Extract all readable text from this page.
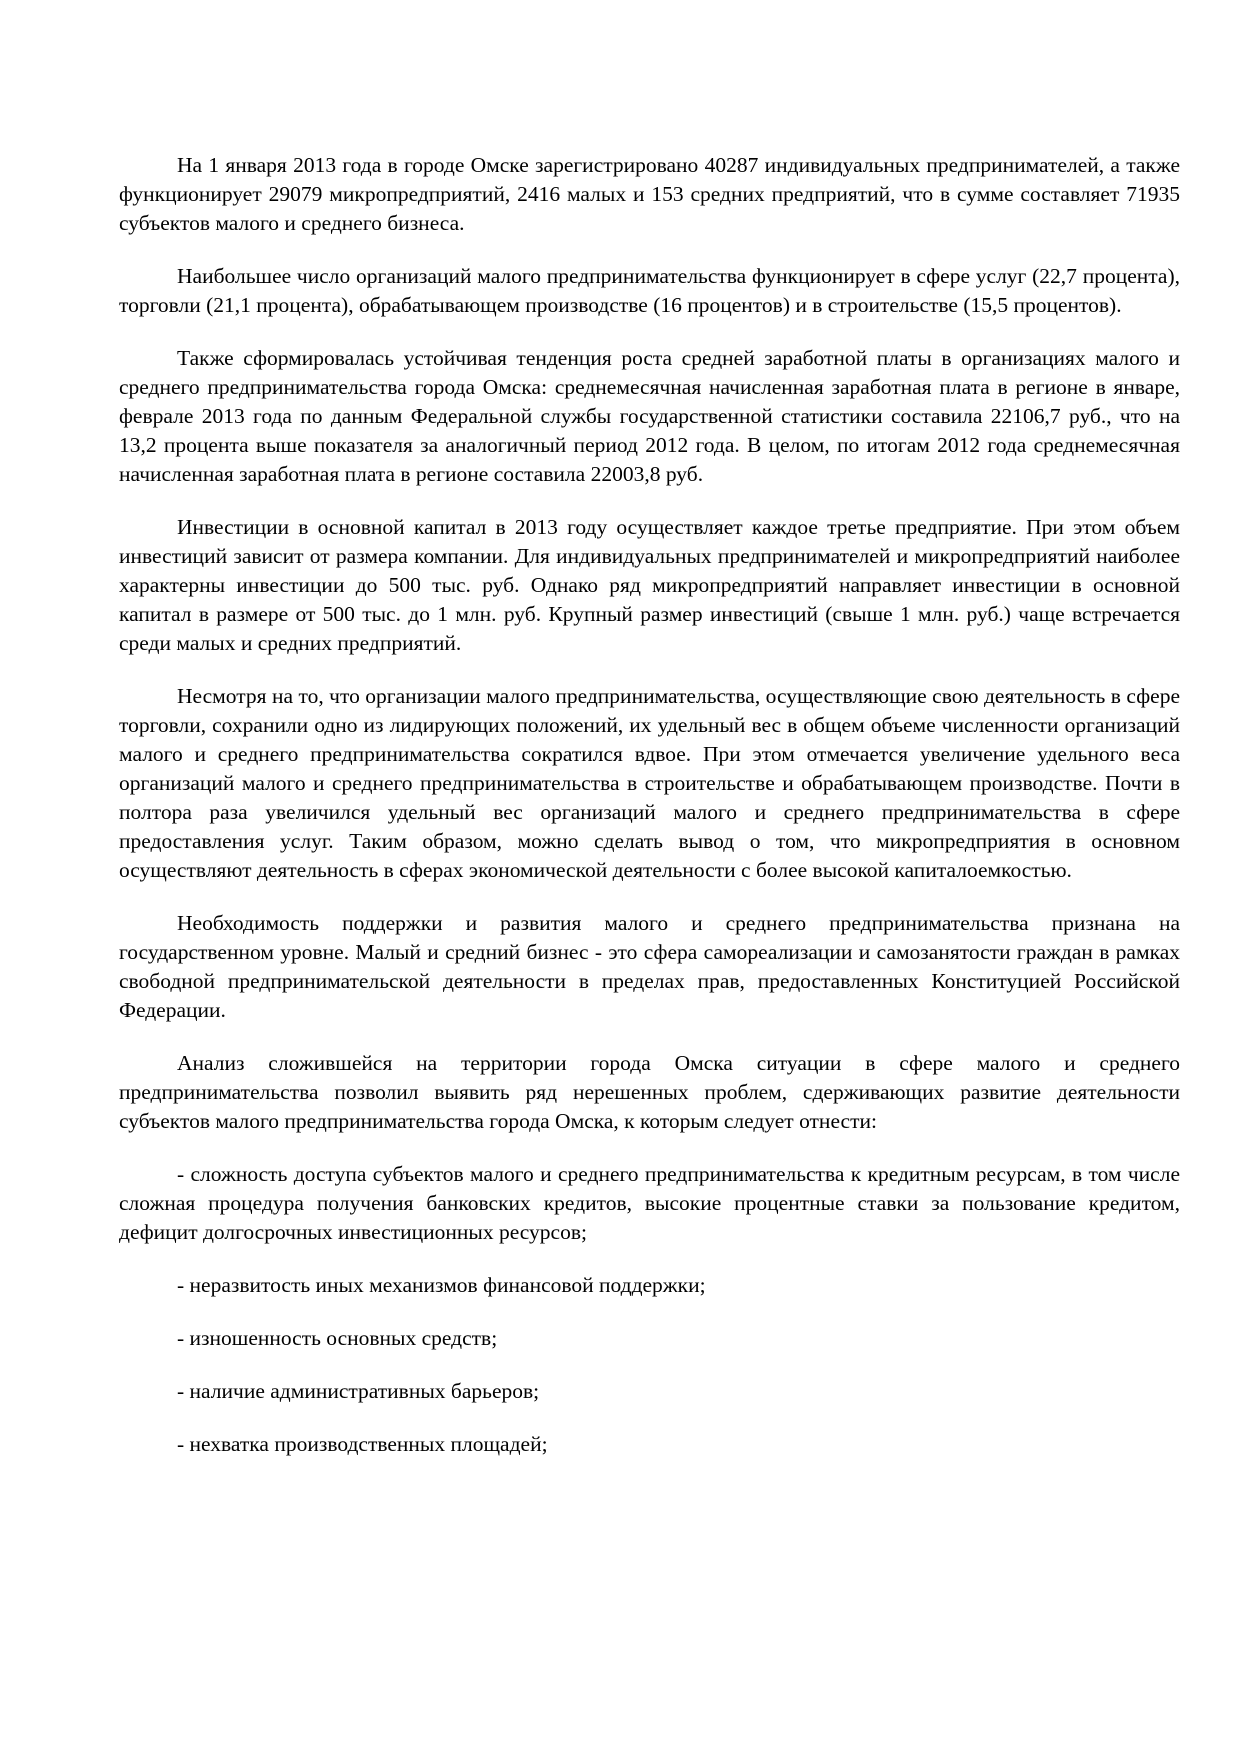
На 1 января 2013 года в городе Омске зарегистрировано 40287 индивидуальных предпринимателей, а также функционирует 29079 микропредприятий, 2416 малых и 153 средних предприятий, что в сумме составляет 71935 субъектов малого и среднего бизнеса.

Наибольшее число организаций малого предпринимательства функционирует в сфере услуг (22,7 процента), торговли (21,1 процента), обрабатывающем производстве (16 процентов) и в строительстве (15,5 процентов).

Также сформировалась устойчивая тенденция роста средней заработной платы в организациях малого и среднего предпринимательства города Омска: среднемесячная начисленная заработная плата в регионе в январе, феврале 2013 года по данным Федеральной службы государственной статистики составила 22106,7 руб., что на 13,2 процента выше показателя за аналогичный период 2012 года. В целом, по итогам 2012 года среднемесячная начисленная заработная плата в регионе составила 22003,8 руб.

Инвестиции в основной капитал в 2013 году осуществляет каждое третье предприятие. При этом объем инвестиций зависит от размера компании. Для индивидуальных предпринимателей и микропредприятий наиболее характерны инвестиции до 500 тыс. руб. Однако ряд микропредприятий направляет инвестиции в основной капитал в размере от 500 тыс. до 1 млн. руб. Крупный размер инвестиций (свыше 1 млн. руб.) чаще встречается среди малых и средних предприятий.

Несмотря на то, что организации малого предпринимательства, осуществляющие свою деятельность в сфере торговли, сохранили одно из лидирующих положений, их удельный вес в общем объеме численности организаций малого и среднего предпринимательства сократился вдвое. При этом отмечается увеличение удельного веса организаций малого и среднего предпринимательства в строительстве и обрабатывающем производстве. Почти в полтора раза увеличился удельный вес организаций малого и среднего предпринимательства в сфере предоставления услуг. Таким образом, можно сделать вывод о том, что микропредприятия в основном осуществляют деятельность в сферах экономической деятельности с более высокой капиталоемкостью.

Необходимость поддержки и развития малого и среднего предпринимательства признана на государственном уровне. Малый и средний бизнес - это сфера самореализации и самозанятости граждан в рамках свободной предпринимательской деятельности в пределах прав, предоставленных Конституцией Российской Федерации.

Анализ сложившейся на территории города Омска ситуации в сфере малого и среднего предпринимательства позволил выявить ряд нерешенных проблем, сдерживающих развитие деятельности субъектов малого предпринимательства города Омска, к которым следует отнести:

- сложность доступа субъектов малого и среднего предпринимательства к кредитным ресурсам, в том числе сложная процедура получения банковских кредитов, высокие процентные ставки за пользование кредитом, дефицит долгосрочных инвестиционных ресурсов;

- неразвитость иных механизмов финансовой поддержки;

- изношенность основных средств;

- наличие административных барьеров;

- нехватка производственных площадей;
